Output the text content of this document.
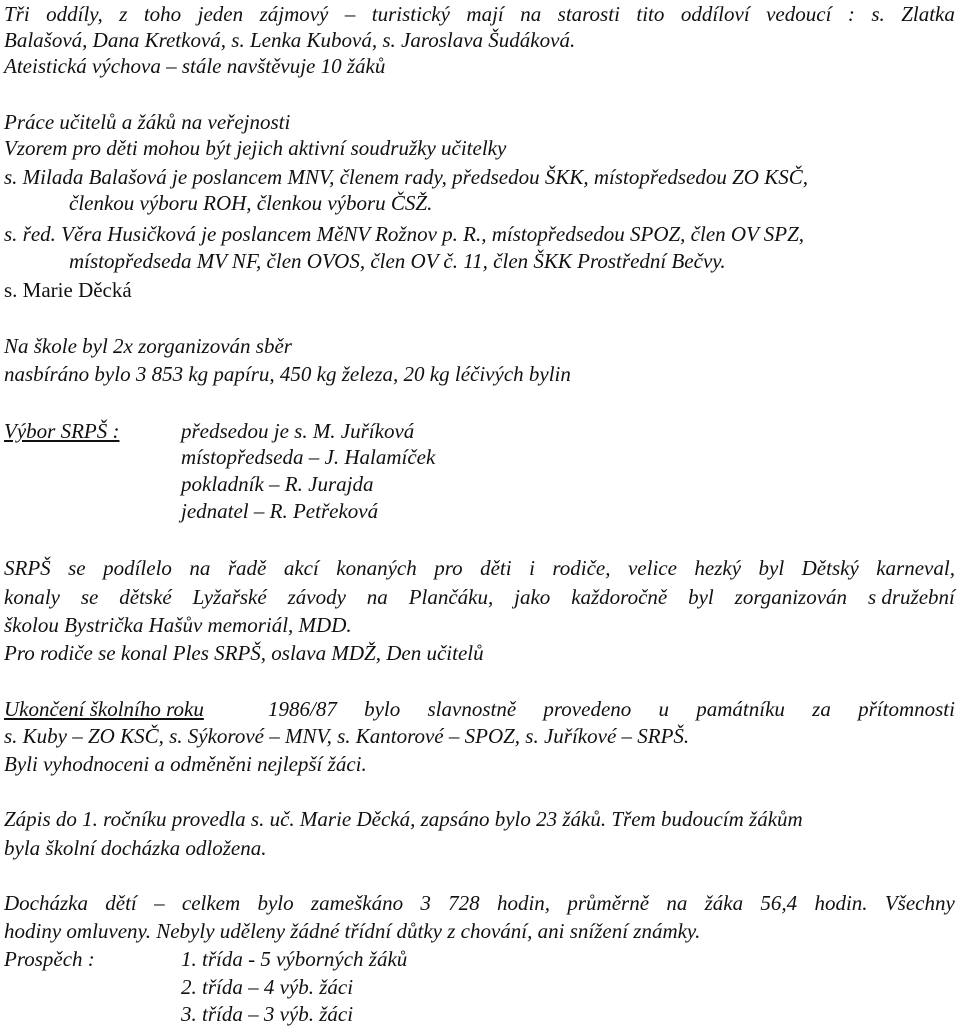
Tři oddíly, z toho jeden zájmový – turistický mají na starosti tito oddíloví vedoucí : s. Zlatka
Balašová, Dana Kretková, s. Lenka Kubová, s. Jaroslava Šudáková.
Ateistická výchova – stále navštěvuje 10 žáků
Práce učitelů a žáků na veřejnosti
Vzorem pro děti mohou být jejich aktivní soudružky učitelky
s. Milada Balašová je poslancem MNV, členem rady, předsedou ŠKK, místopředsedou ZO KSČ,
členkou výboru ROH, členkou výboru ČSŽ.
s. řed. Věra Husičková je poslancem MěNV Rožnov p. R., místopředsedou SPOZ, člen OV SPZ,
místopředseda MV NF, člen OVOS, člen OV č. 11, člen ŠKK Prostřední Bečvy.
s. Marie Děcká
Na škole byl 2x zorganizován sběr
nasbíráno bylo 3 853 kg papíru, 450 kg železa, 20 kg léčivých bylin
Výbor SRPŠ :	předsedou je s. M. Juříková
místopředseda – J. Halamíček
pokladník – R. Jurajda
jednatel – R. Petřeková
SRPŠ se podílelo na řadě akcí konaných pro děti i rodiče, velice hezký byl Dětský karneval,
konaly se dětské Lyžařské závody na Plančáku, jako každoročně byl zorganizován s družební
školou Bystrička Hašův memoriál, MDD.
Pro rodiče se konal Ples SRPŠ, oslava MDŽ, Den učitelů
Ukončení školního roku	1986/87 bylo slavnostně provedeno u památníku za přítomnosti
s. Kuby – ZO KSČ, s. Sýkorové – MNV, s. Kantorové – SPOZ, s. Juříkové – SRPŠ.
Byli vyhodnoceni a odměněni nejlepší žáci.
Zápis do 1. ročníku provedla s. uč. Marie Děcká, zapsáno bylo 23 žáků. Třem budoucím žákům
byla školní docházka odložena.
Docházka dětí – celkem bylo zameškáno 3 728 hodin, průměrně na žáka 56,4 hodin. Všechny
hodiny omluveny. Nebyly uděleny žádné třídní důtky z chování, ani snížení známky.
Prospěch :	1. třída - 5 výborných žáků
2. třída – 4 výb. žáci
3. třída – 3 výb. žáci
